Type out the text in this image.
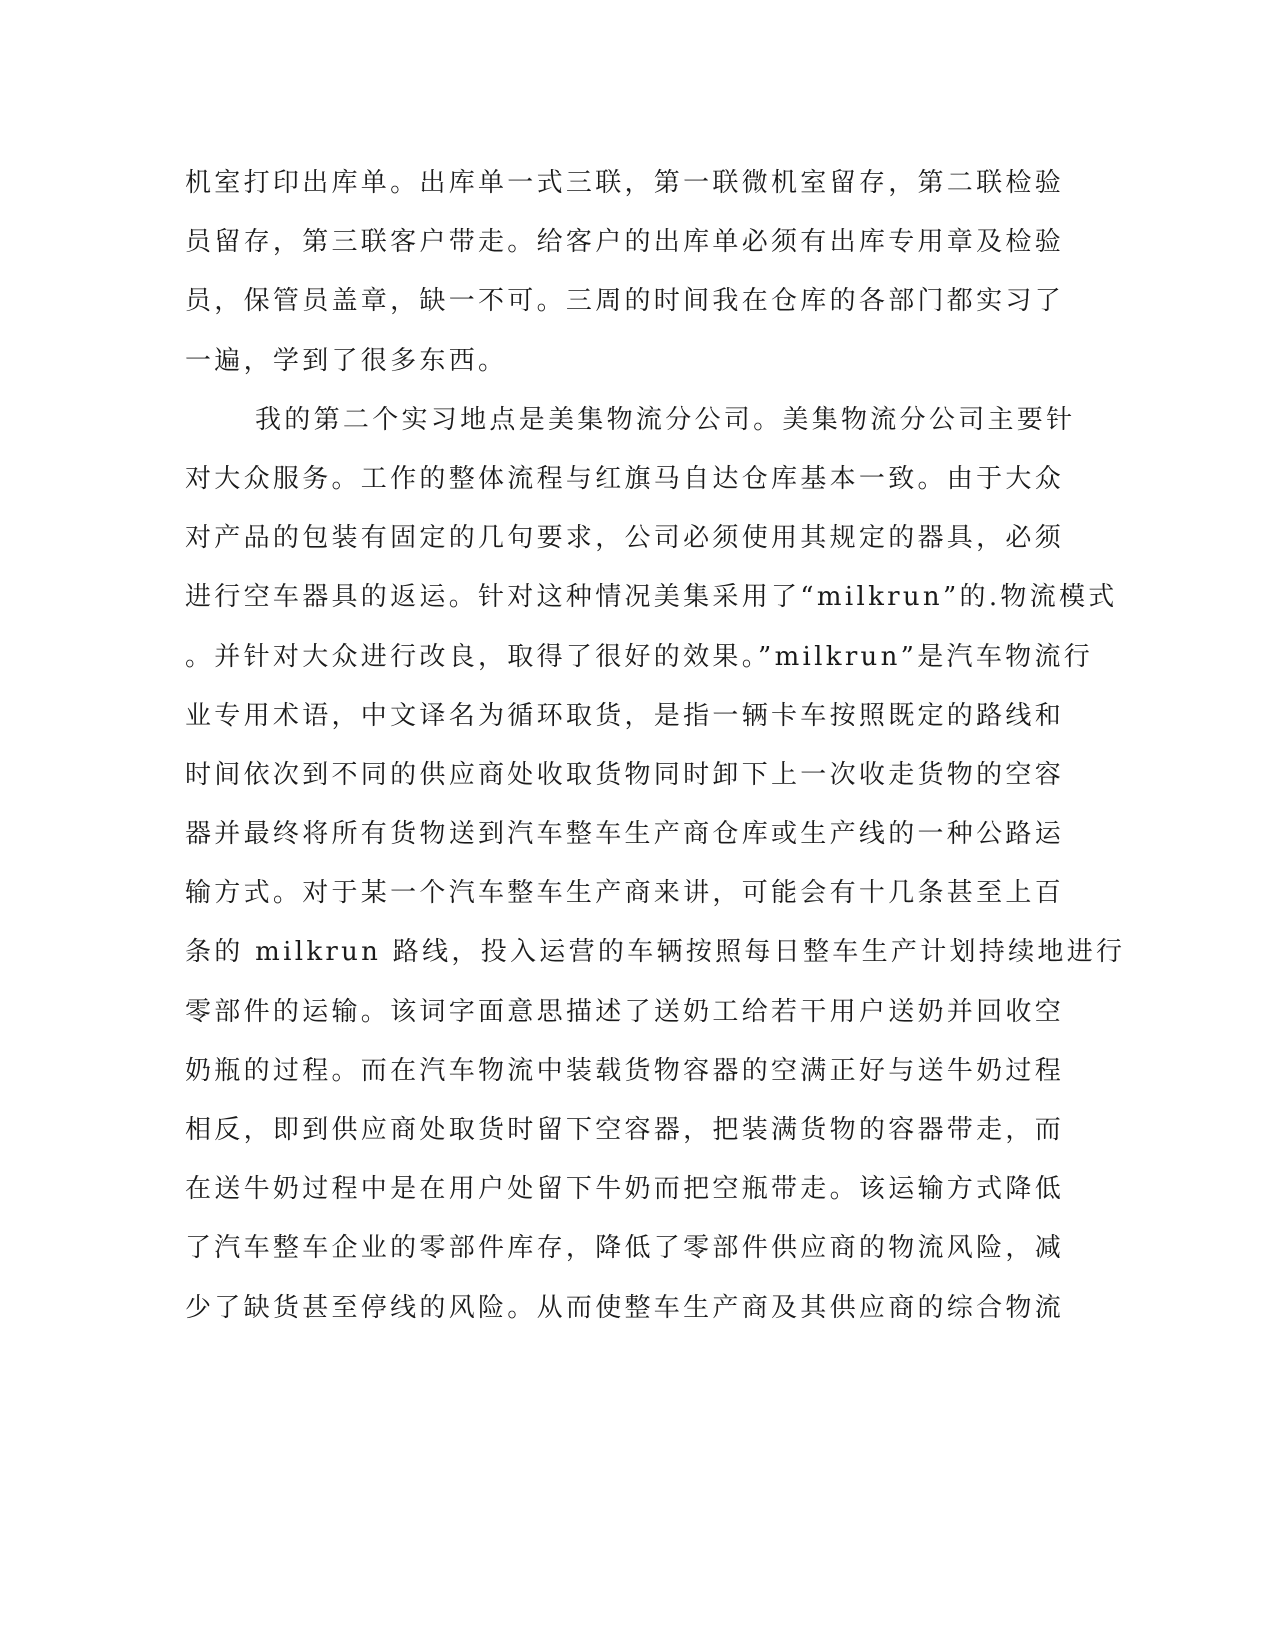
机室打印出库单。出库单一式三联，第一联微机室留存，第二联检验
员留存，第三联客户带走。给客户的出库单必须有出库专用章及检验
员，保管员盖章，缺一不可。三周的时间我在仓库的各部门都实习了
一遍，学到了很多东西。
我的第二个实习地点是美集物流分公司。美集物流分公司主要针
对大众服务。工作的整体流程与红旗马自达仓库基本一致。由于大众
对产品的包装有固定的几句要求，公司必须使用其规定的器具，必须
进行空车器具的返运。针对这种情况美集采用了“milkrun”的.物流模式
。并针对大众进行改良，取得了很好的效果。”milkrun”是汽车物流行
业专用术语，中文译名为循环取货，是指一辆卡车按照既定的路线和
时间依次到不同的供应商处收取货物同时卸下上一次收走货物的空容
器并最终将所有货物送到汽车整车生产商仓库或生产线的一种公路运
输方式。对于某一个汽车整车生产商来讲，可能会有十几条甚至上百
条的 milkrun 路线，投入运营的车辆按照每日整车生产计划持续地进行
零部件的运输。该词字面意思描述了送奶工给若干用户送奶并回收空
奶瓶的过程。而在汽车物流中装载货物容器的空满正好与送牛奶过程
相反，即到供应商处取货时留下空容器，把装满货物的容器带走，而
在送牛奶过程中是在用户处留下牛奶而把空瓶带走。该运输方式降低
了汽车整车企业的零部件库存，降低了零部件供应商的物流风险，减
少了缺货甚至停线的风险。从而使整车生产商及其供应商的综合物流
